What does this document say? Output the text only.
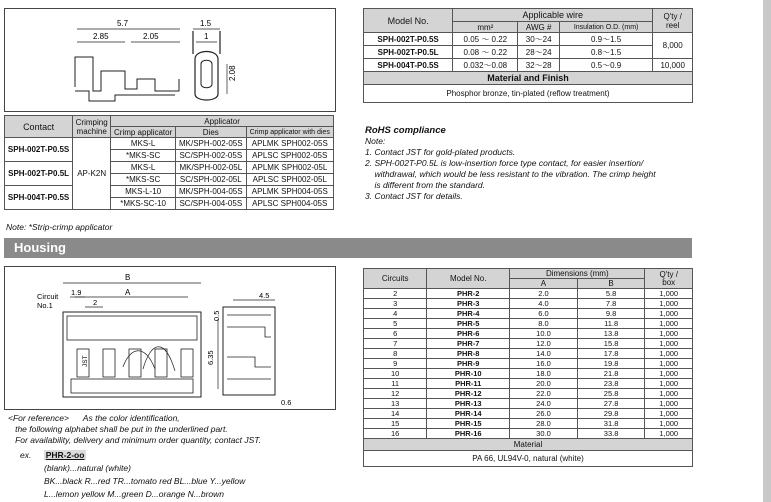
5.7
2.85	2.05
1.5
1
2.08
Contact	Crimping
machine	Applicator		
		Crimp applicator	Dies	Crimp applicator with dies
SPH-002T-P0.5S	AP-K2N	MKS-L	MK/SPH-002-05S	APLMK SPH002-05S
		*MKS-SC	SC/SPH-002-05S	APLSC SPH002-05S
SPH-002T-P0.5L		MKS-L	MK/SPH-002-05L	APLMK SPH002-05L
		*MKS-SC	SC/SPH-002-05L	APLSC SPH002-05L
SPH-004T-P0.5S		MKS-L-10	MK/SPH-004-05S	APLMK SPH004-05S
		*MKS-SC-10	SC/SPH-004-05S	APLSC SPH004-05S
Note: *Strip-crimp applicator
Model No.	Applicable wire			Q'ty /
reel
	mm²	AWG #	Insulation O.D. (mm)	
SPH-002T-P0.5S	0.05 ～ 0.22	30～24	0.9～1.5	8,000
SPH-002T-P0.5L	0.08 ～ 0.22	28～24	0.8～1.5	
SPH-004T-P0.5S	0.032～0.08	32～28	0.5～0.9	10,000
Material and Finish				
Phosphor bronze, tin-plated (reflow treatment)				
RoHS compliance
Note:
1. Contact JST for gold-plated products.
2. SPH-002T-P0.5L is low-insertion force type contact, for easier insertion/
withdrawal, which would be less resistant to the vibration. The crimp height
is different from the standard.
3. Contact JST for details.
Housing
B
A
Circuit
No.1
1.9
2
JST
0.5
4.5
6.35
0.6
<For reference>      As the color identification,
the following alphabet shall be put in the underlined part.
For availability, delivery and minimum order quantity, contact JST.
ex. PHR-2-oo
(blank)...natural (white)
BK...black R...red TR...tomato red BL...blue Y...yellow
L...lemon yellow M...green D...orange N...brown
Circuits	Model No.	Dimensions (mm)		Q'ty /
box
		A	B	
2	PHR-2	2.0	5.8	1,000
3	PHR-3	4.0	7.8	1,000
4	PHR-4	6.0	9.8	1,000
5	PHR-5	8.0	11.8	1,000
6	PHR-6	10.0	13.8	1,000
7	PHR-7	12.0	15.8	1,000
8	PHR-8	14.0	17.8	1,000
9	PHR-9	16.0	19.8	1,000
10	PHR-10	18.0	21.8	1,000
11	PHR-11	20.0	23.8	1,000
12	PHR-12	22.0	25.8	1,000
13	PHR-13	24.0	27.8	1,000
14	PHR-14	26.0	29.8	1,000
15	PHR-15	28.0	31.8	1,000
16	PHR-16	30.0	33.8	1,000
Material				
PA 66, UL94V-0, natural (white)				
